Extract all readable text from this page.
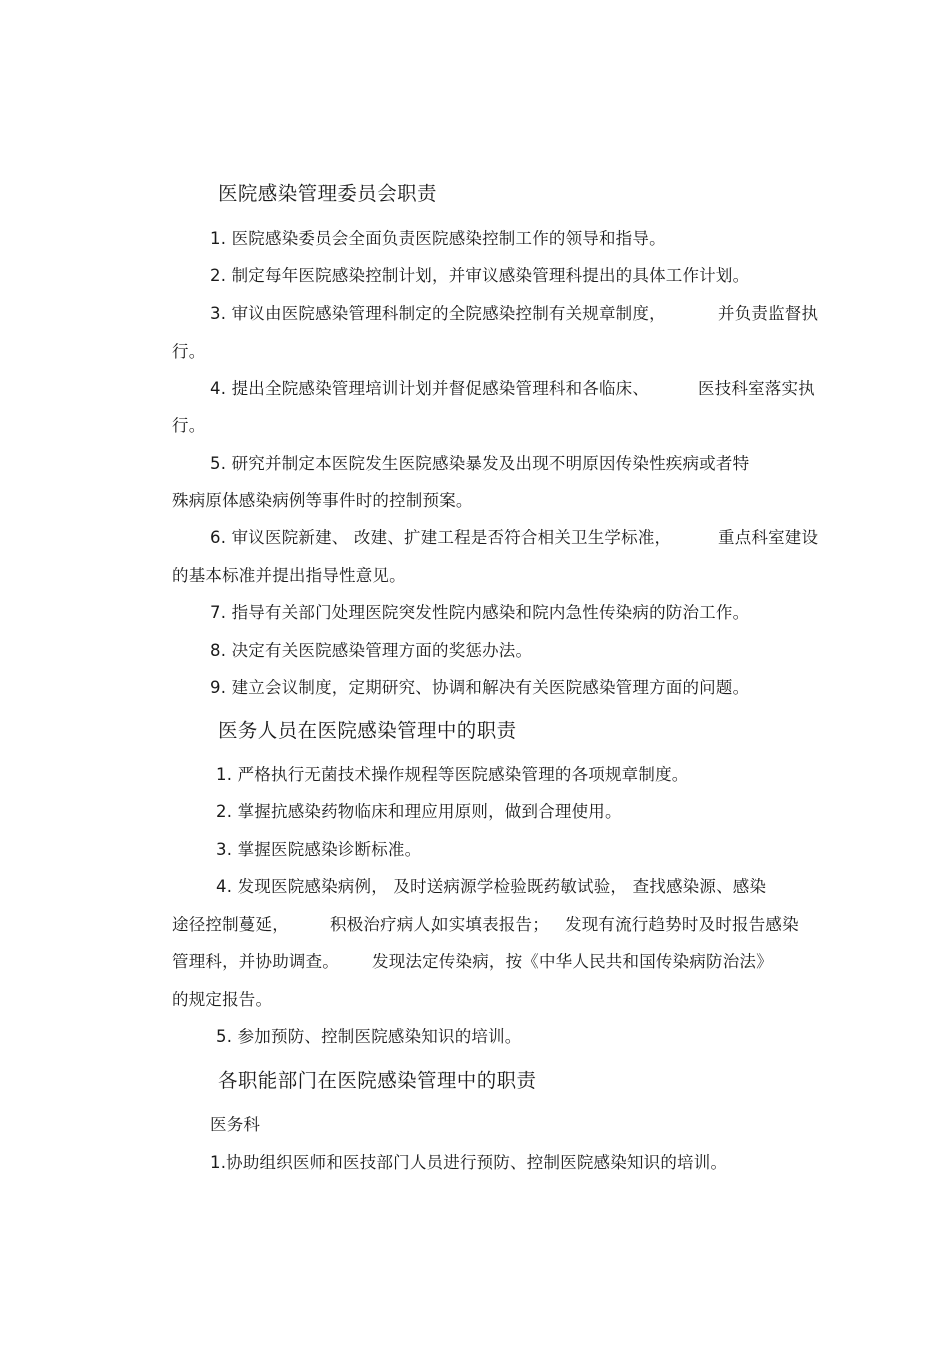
医院感染管理委员会职责
1. 医院感染委员会全面负责医院感染控制工作的领导和指导。
2. 制定每年医院感染控制计划，并审议感染管理科提出的具体工作计划。
3. 审议由医院感染管理科制定的全院感染控制有关规章制度，	并负责监督执
行。
4. 提出全院感染管理培训计划并督促感染管理科和各临床、	医技科室落实执
行。
5. 研究并制定本医院发生医院感染暴发及出现不明原因传染性疾病或者特
殊病原体感染病例等事件时的控制预案。
6. 审议医院新建、 改建、扩建工程是否符合相关卫生学标准，	重点科室建设
的基本标准并提出指导性意见。
7. 指导有关部门处理医院突发性院内感染和院内急性传染病的防治工作。
8. 决定有关医院感染管理方面的奖惩办法。
9. 建立会议制度，定期研究、协调和解决有关医院感染管理方面的问题。
医务人员在医院感染管理中的职责
1. 严格执行无菌技术操作规程等医院感染管理的各项规章制度。
2. 掌握抗感染药物临床和理应用原则，做到合理使用。
3. 掌握医院感染诊断标准。
4. 发现医院感染病例， 及时送病源学检验既药敏试验， 查找感染源、感染
途径控制蔓延， 积极治疗病人，
如实填表报告； 发现有流行趋势时及时报告感染
管理科，并协助调查。 发现法定传染病，按《中华人民共和国传染病防治法》
的规定报告。
5. 参加预防、控制医院感染知识的培训。
各职能部门在医院感染管理中的职责
医务科
1.协助组织医师和医技部门人员进行预防、控制医院感染知识的培训。
